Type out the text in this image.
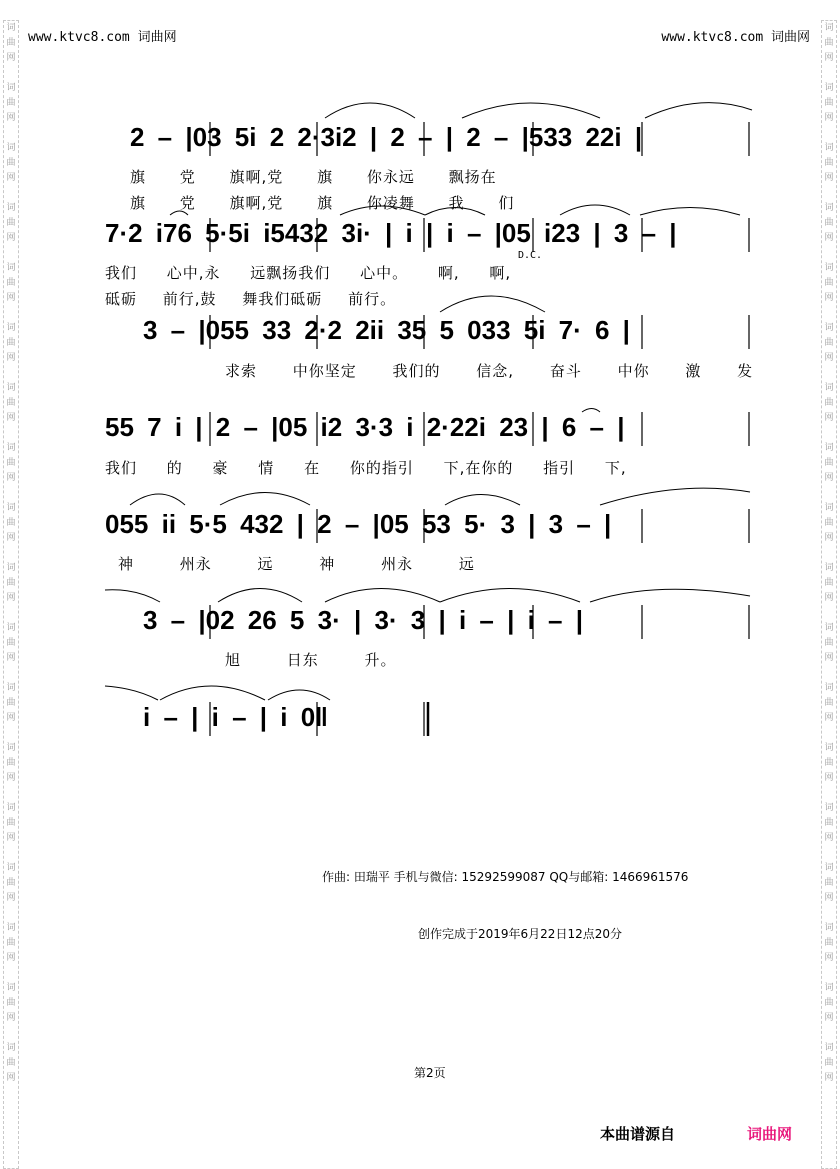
词
曲
网

词
曲
网

词
曲
网

词
曲
网

词
曲
网

词
曲
网

词
曲
网

词
曲
网

词
曲
网

词
曲
网

词
曲
网

词
曲
网

词
曲
网

词
曲
网

词
曲
网

词
曲
网

词
曲
网

词
曲
网

词
曲
网

词
曲
网

词
曲
网

词
曲
网

词
曲
网

词
曲
网

词
曲
网

词
曲
网

词
曲
网

词
曲
网

词
曲
网

词
曲
网

词
曲
网

词
曲
网

词
曲
网

词
曲
网

词
曲
网

词
曲
网

www.ktvc8.com 词曲网	www.ktvc8.com 词曲网
2 – |03 5i 2 2·3i2 | 2 – | 2 – |533 22i |
旗 党 旗啊,党 旗 你永远 飘扬在
旗 党 旗啊,党 旗 你凌舞 我 们
7·2 i76 5·5i i5432 3i· | i | i – |05 i23 | 3 – |
D.C.
我们 心中,永 远飘扬我们 心中。 啊, 啊,
砥砺 前行,鼓 舞我们砥砺 前行。
3 – |055 33 2·2 2ii 35 5 033 5i 7· 6 |
求索 中你坚定 我们的 信念, 奋斗 中你 激 发
55 7 i | 2 – |05 i2 3·3 i 2·22i 23 | 6 – |
我们 的 豪 情 在 你的指引 下,在你的 指引 下,
055 ii 5·5 432 | 2 – |05 53 5· 3 | 3 – |
神 州永 远 神 州永 远
3 – |02 26 5 3· | 3· 3 | i – | i – |
旭 日东 升。
i – | i – | i 0‖
作曲: 田瑞平 手机与微信: 15292599087 QQ与邮箱: 1466961576
创作完成于2019年6月22日12点20分
第2页
本曲谱源自	词曲网
